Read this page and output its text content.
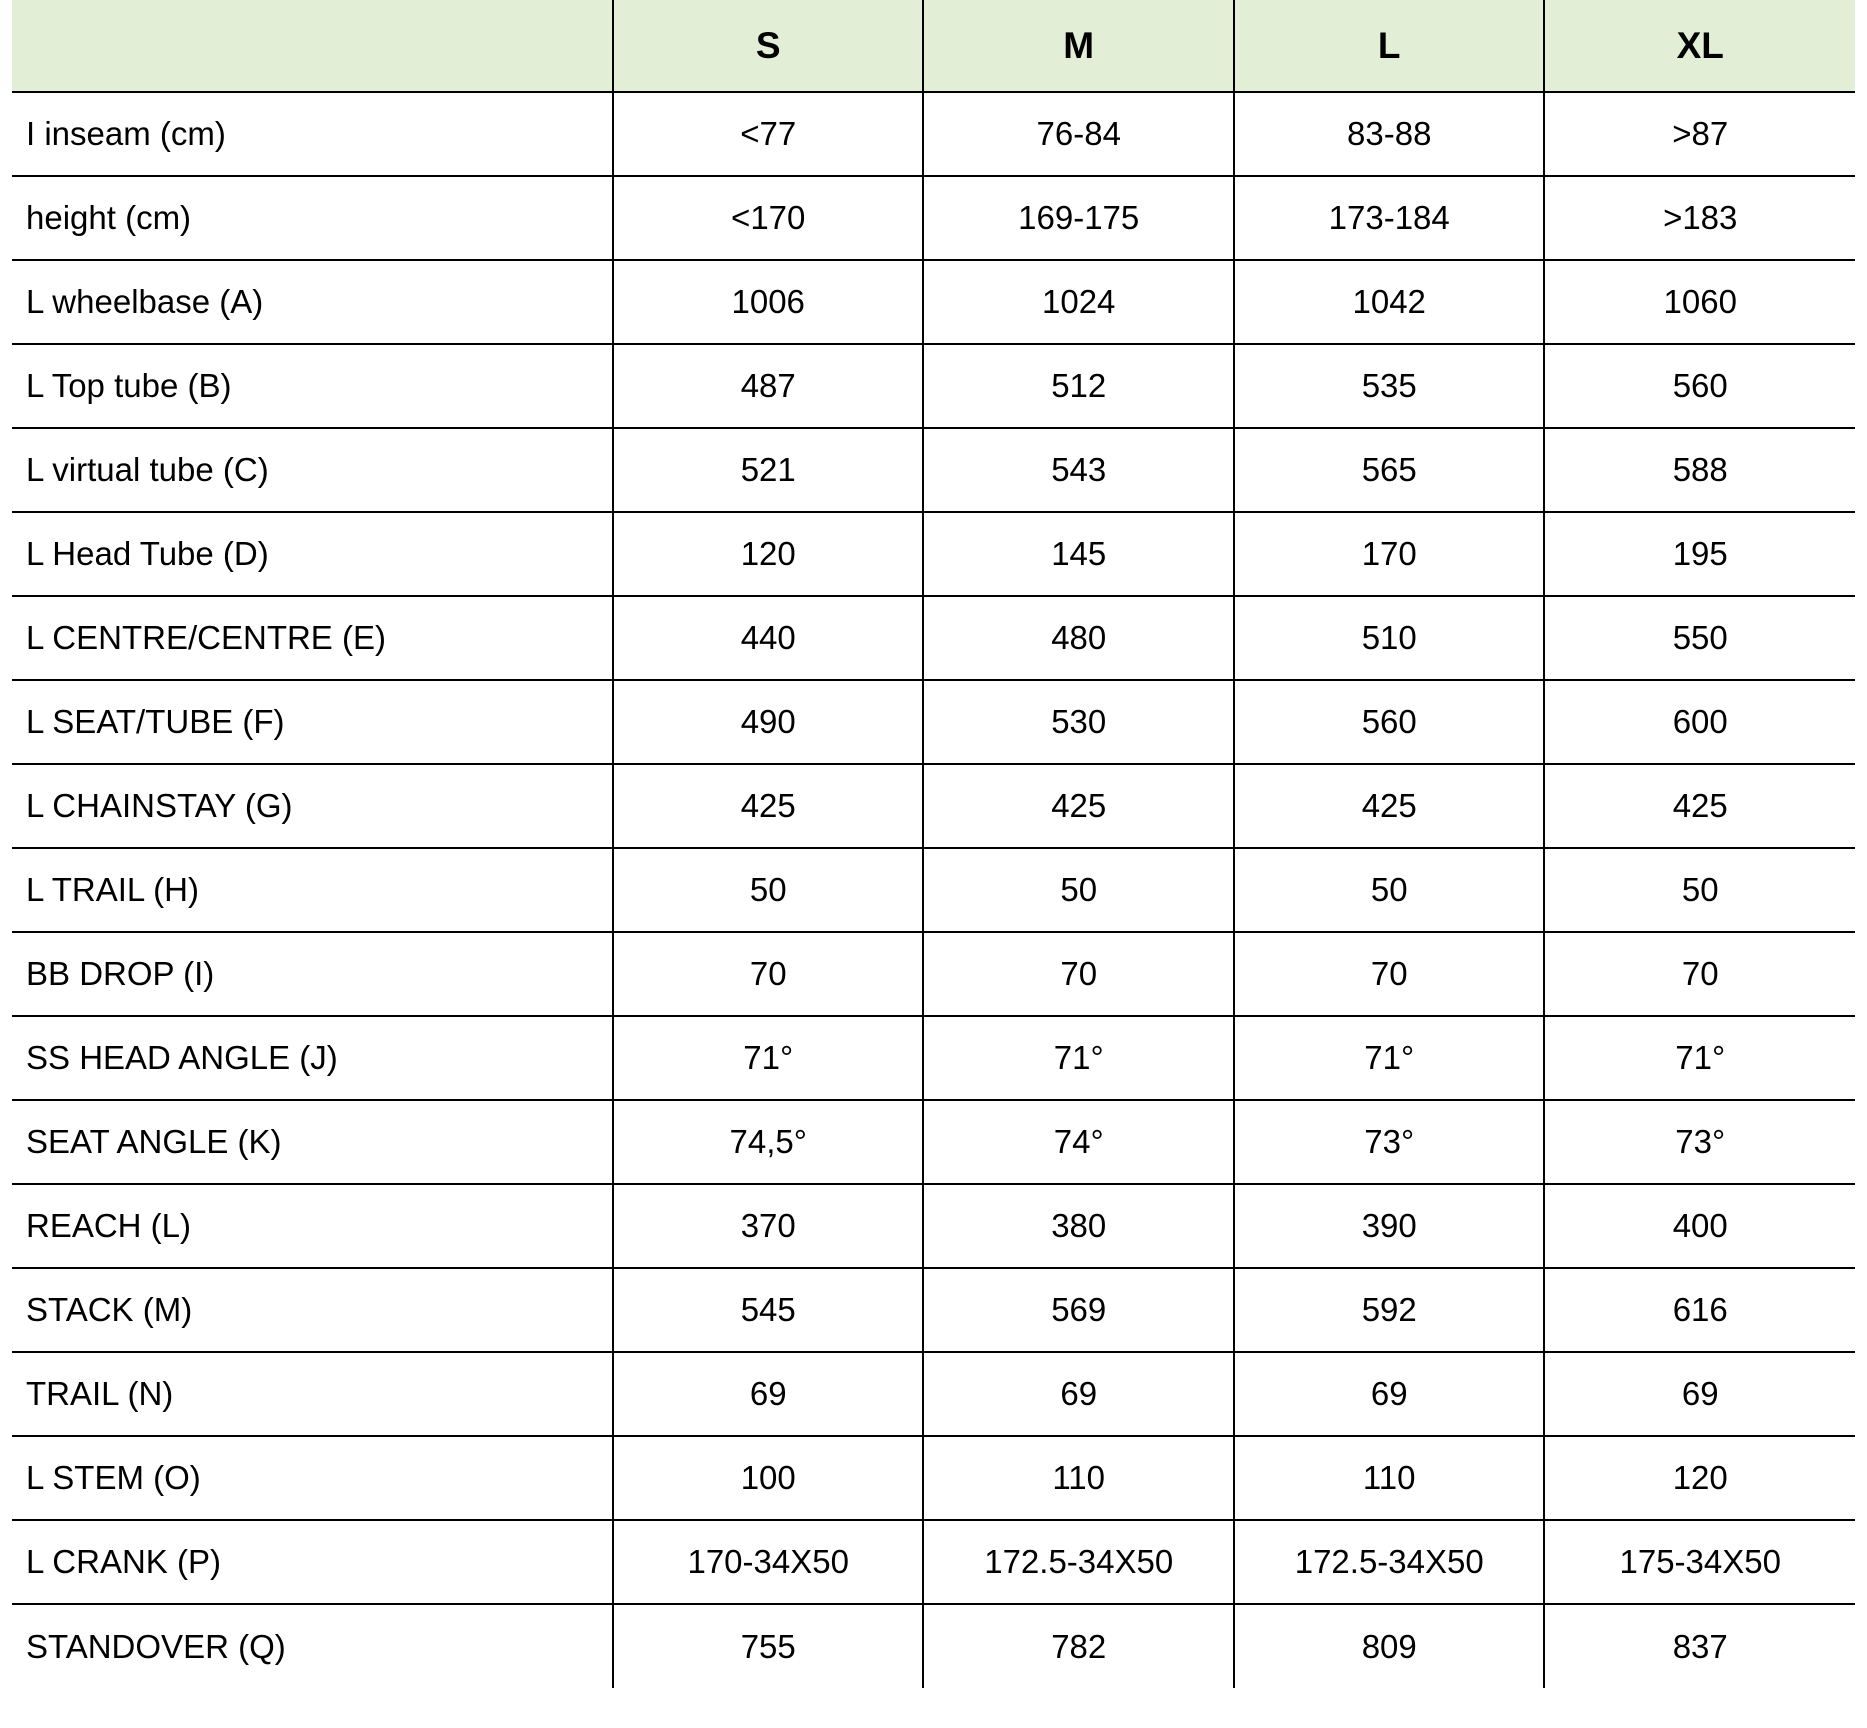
	S	M	L	XL
I inseam (cm)	<77	76-84	83-88	>87
height (cm)	<170	169-175	173-184	>183
L wheelbase (A)	1006	1024	1042	1060
L Top tube (B)	487	512	535	560
L virtual tube (C)	521	543	565	588
L Head Tube (D)	120	145	170	195
L CENTRE/CENTRE (E)	440	480	510	550
L SEAT/TUBE (F)	490	530	560	600
L CHAINSTAY (G)	425	425	425	425
L TRAIL (H)	50	50	50	50
BB DROP (I)	70	70	70	70
SS HEAD ANGLE (J)	71°	71°	71°	71°
SEAT ANGLE (K)	74,5°	74°	73°	73°
REACH (L)	370	380	390	400
STACK (M)	545	569	592	616
TRAIL (N)	69	69	69	69
L STEM (O)	100	110	110	120
L CRANK (P)	170-34X50	172.5-34X50	172.5-34X50	175-34X50
STANDOVER (Q)	755	782	809	837
